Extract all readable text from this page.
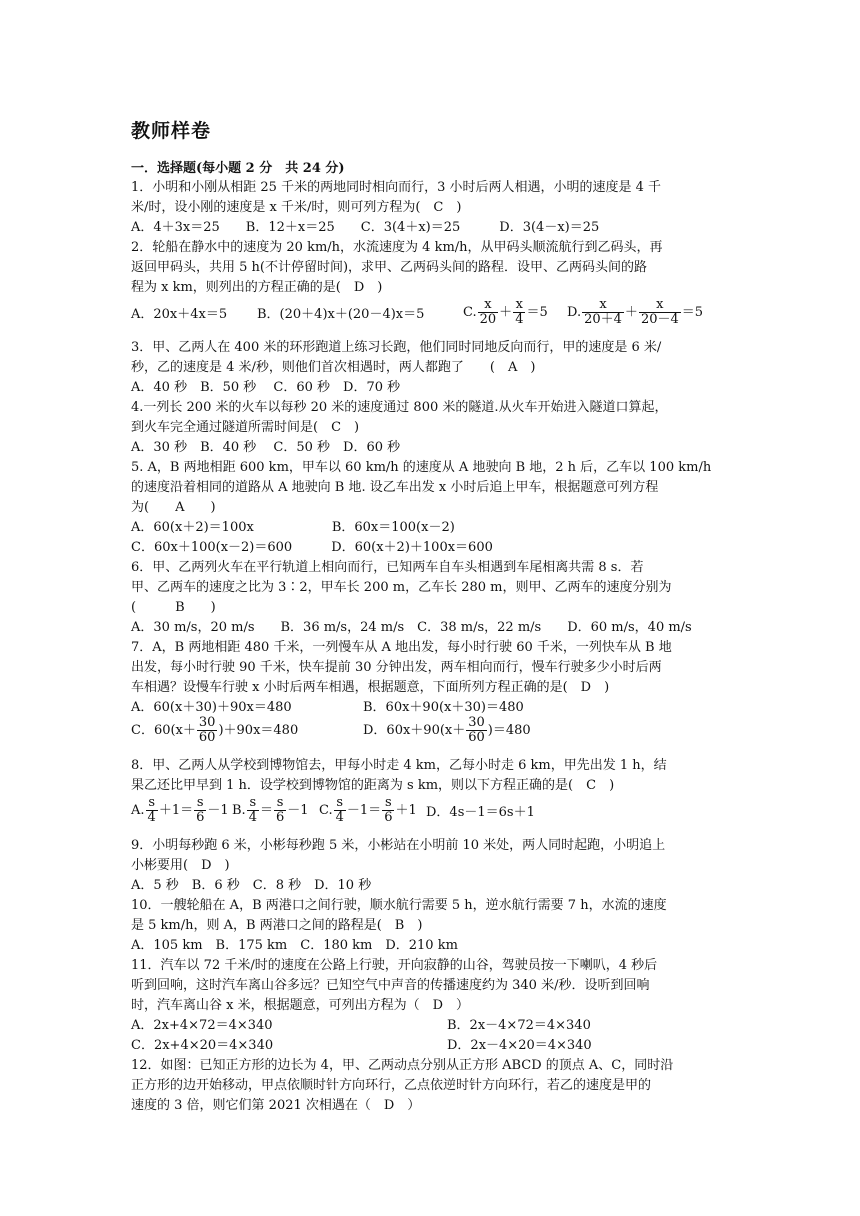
教师样卷
一．选择题(每小题 2 分　共 24 分)
1．小明和小刚从相距 25 千米的两地同时相向而行，3 小时后两人相遇，小明的速度是 4 千
米/时，设小刚的速度是 x 千米/时，则可列方程为(　C　)
A．4＋3x＝25　　B．12＋x＝25　　C．3(4＋x)＝25　　　D．3(4－x)＝25
2．轮船在静水中的速度为 20 km/h，水流速度为 4 km/h，从甲码头顺流航行到乙码头，再
返回甲码头，共用 5 h(不计停留时间)，求甲、乙两码头间的路程．设甲、乙两码头间的路
程为 x km，则列出的方程正确的是(　D　)
A．20x＋4x＝5 B．(20＋4)x＋(20－4)x＝5	C. $\frac{x}{20} + \frac{x}{4} =5$ D. $\frac{x}{20+4} + \frac{x}{20-4} =5$
3．甲、乙两人在 400 米的环形跑道上练习长跑，他们同时同地反向而行，甲的速度是 6 米/
秒，乙的速度是 4 米/秒，则他们首次相遇时，两人都跑了　　(　A　)
A．40 秒　B．50 秒　 C．60 秒　D．70 秒
4.一列长 200 米的火车以每秒 20 米的速度通过 800 米的隧道.从火车开始进入隧道口算起，
到火车完全通过隧道所需时间是(　C　)
A．30 秒　B．40 秒　 C．50 秒　D．60 秒
5. A，B 两地相距 600 km，甲车以 60 km/h 的速度从 A 地驶向 B 地，2 h 后，乙车以 100 km/h
的速度沿着相同的道路从 A 地驶向 B 地. 设乙车出发 x 小时后追上甲车，根据题意可列方程
为(　　A　　)
A．60(x＋2)＝100x　　　　　　B．60x＝100(x－2)
C．60x＋100(x－2)＝600　　　D．60(x＋2)＋100x＝600
6．甲、乙两列火车在平行轨道上相向而行，已知两车自车头相遇到车尾相离共需 8 s．若
甲、乙两车的速度之比为 3∶2，甲车长 200 m，乙车长 280 m，则甲、乙两车的速度分别为
(　　　B　　)
A．30 m/s，20 m/s　　B．36 m/s，24 m/s　C．38 m/s，22 m/s　　D．60 m/s，40 m/s
7．A，B 两地相距 480 千米，一列慢车从 A 地出发，每小时行驶 60 千米，一列快车从 B 地
出发，每小时行驶 90 千米，快车提前 30 分钟出发，两车相向而行，慢车行驶多少小时后两
车相遇？设慢车行驶 x 小时后两车相遇，根据题意，下面所列方程正确的是(　D　)
A．60(x＋30)＋90x＝480	B．60x＋90(x＋30)＝480
C．$60(x+ \frac{30}{60} )+90x=480$	D．$60x+90(x+ \frac{30}{60} )=480$
8．甲、乙两人从学校到博物馆去，甲每小时走 4 km，乙每小时走 6 km，甲先出发 1 h，结
果乙还比甲早到 1 h．设学校到博物馆的距离为 s km，则以下方程正确的是(　C　)
A. $\frac{s}{4} +1= \frac{s}{6} -1$ B. $\frac{s}{4} = \frac{s}{6} -1$ C. $\frac{s}{4} -1= \frac{s}{6} +1$ D．4s－1＝6s＋1
9．小明每秒跑 6 米，小彬每秒跑 5 米，小彬站在小明前 10 米处，两人同时起跑，小明追上
小彬要用(　D　)
A．5 秒　B．6 秒　C．8 秒　D．10 秒
10．一艘轮船在 A，B 两港口之间行驶，顺水航行需要 5 h，逆水航行需要 7 h，水流的速度
是 5 km/h，则 A，B 两港口之间的路程是(　B　)
A．105 km　B．175 km　C．180 km　D．210 km
11．汽车以 72 千米/时的速度在公路上行驶，开向寂静的山谷，驾驶员按一下喇叭，4 秒后
听到回响，这时汽车离山谷多远？已知空气中声音的传播速度约为 340 米/秒．设听到回响
时，汽车离山谷 x 米，根据题意，可列出方程为（　D　）
A．2x+4×72＝4×340	B．2x－4×72＝4×340
C．2x+4×20＝4×340	D．2x－4×20＝4×340
12．如图：已知正方形的边长为 4，甲、乙两动点分别从正方形 ABCD 的顶点 A、C，同时沿
正方形的边开始移动，甲点依顺时针方向环行，乙点依逆时针方向环行，若乙的速度是甲的
速度的 3 倍，则它们第 2021 次相遇在（　D　）
